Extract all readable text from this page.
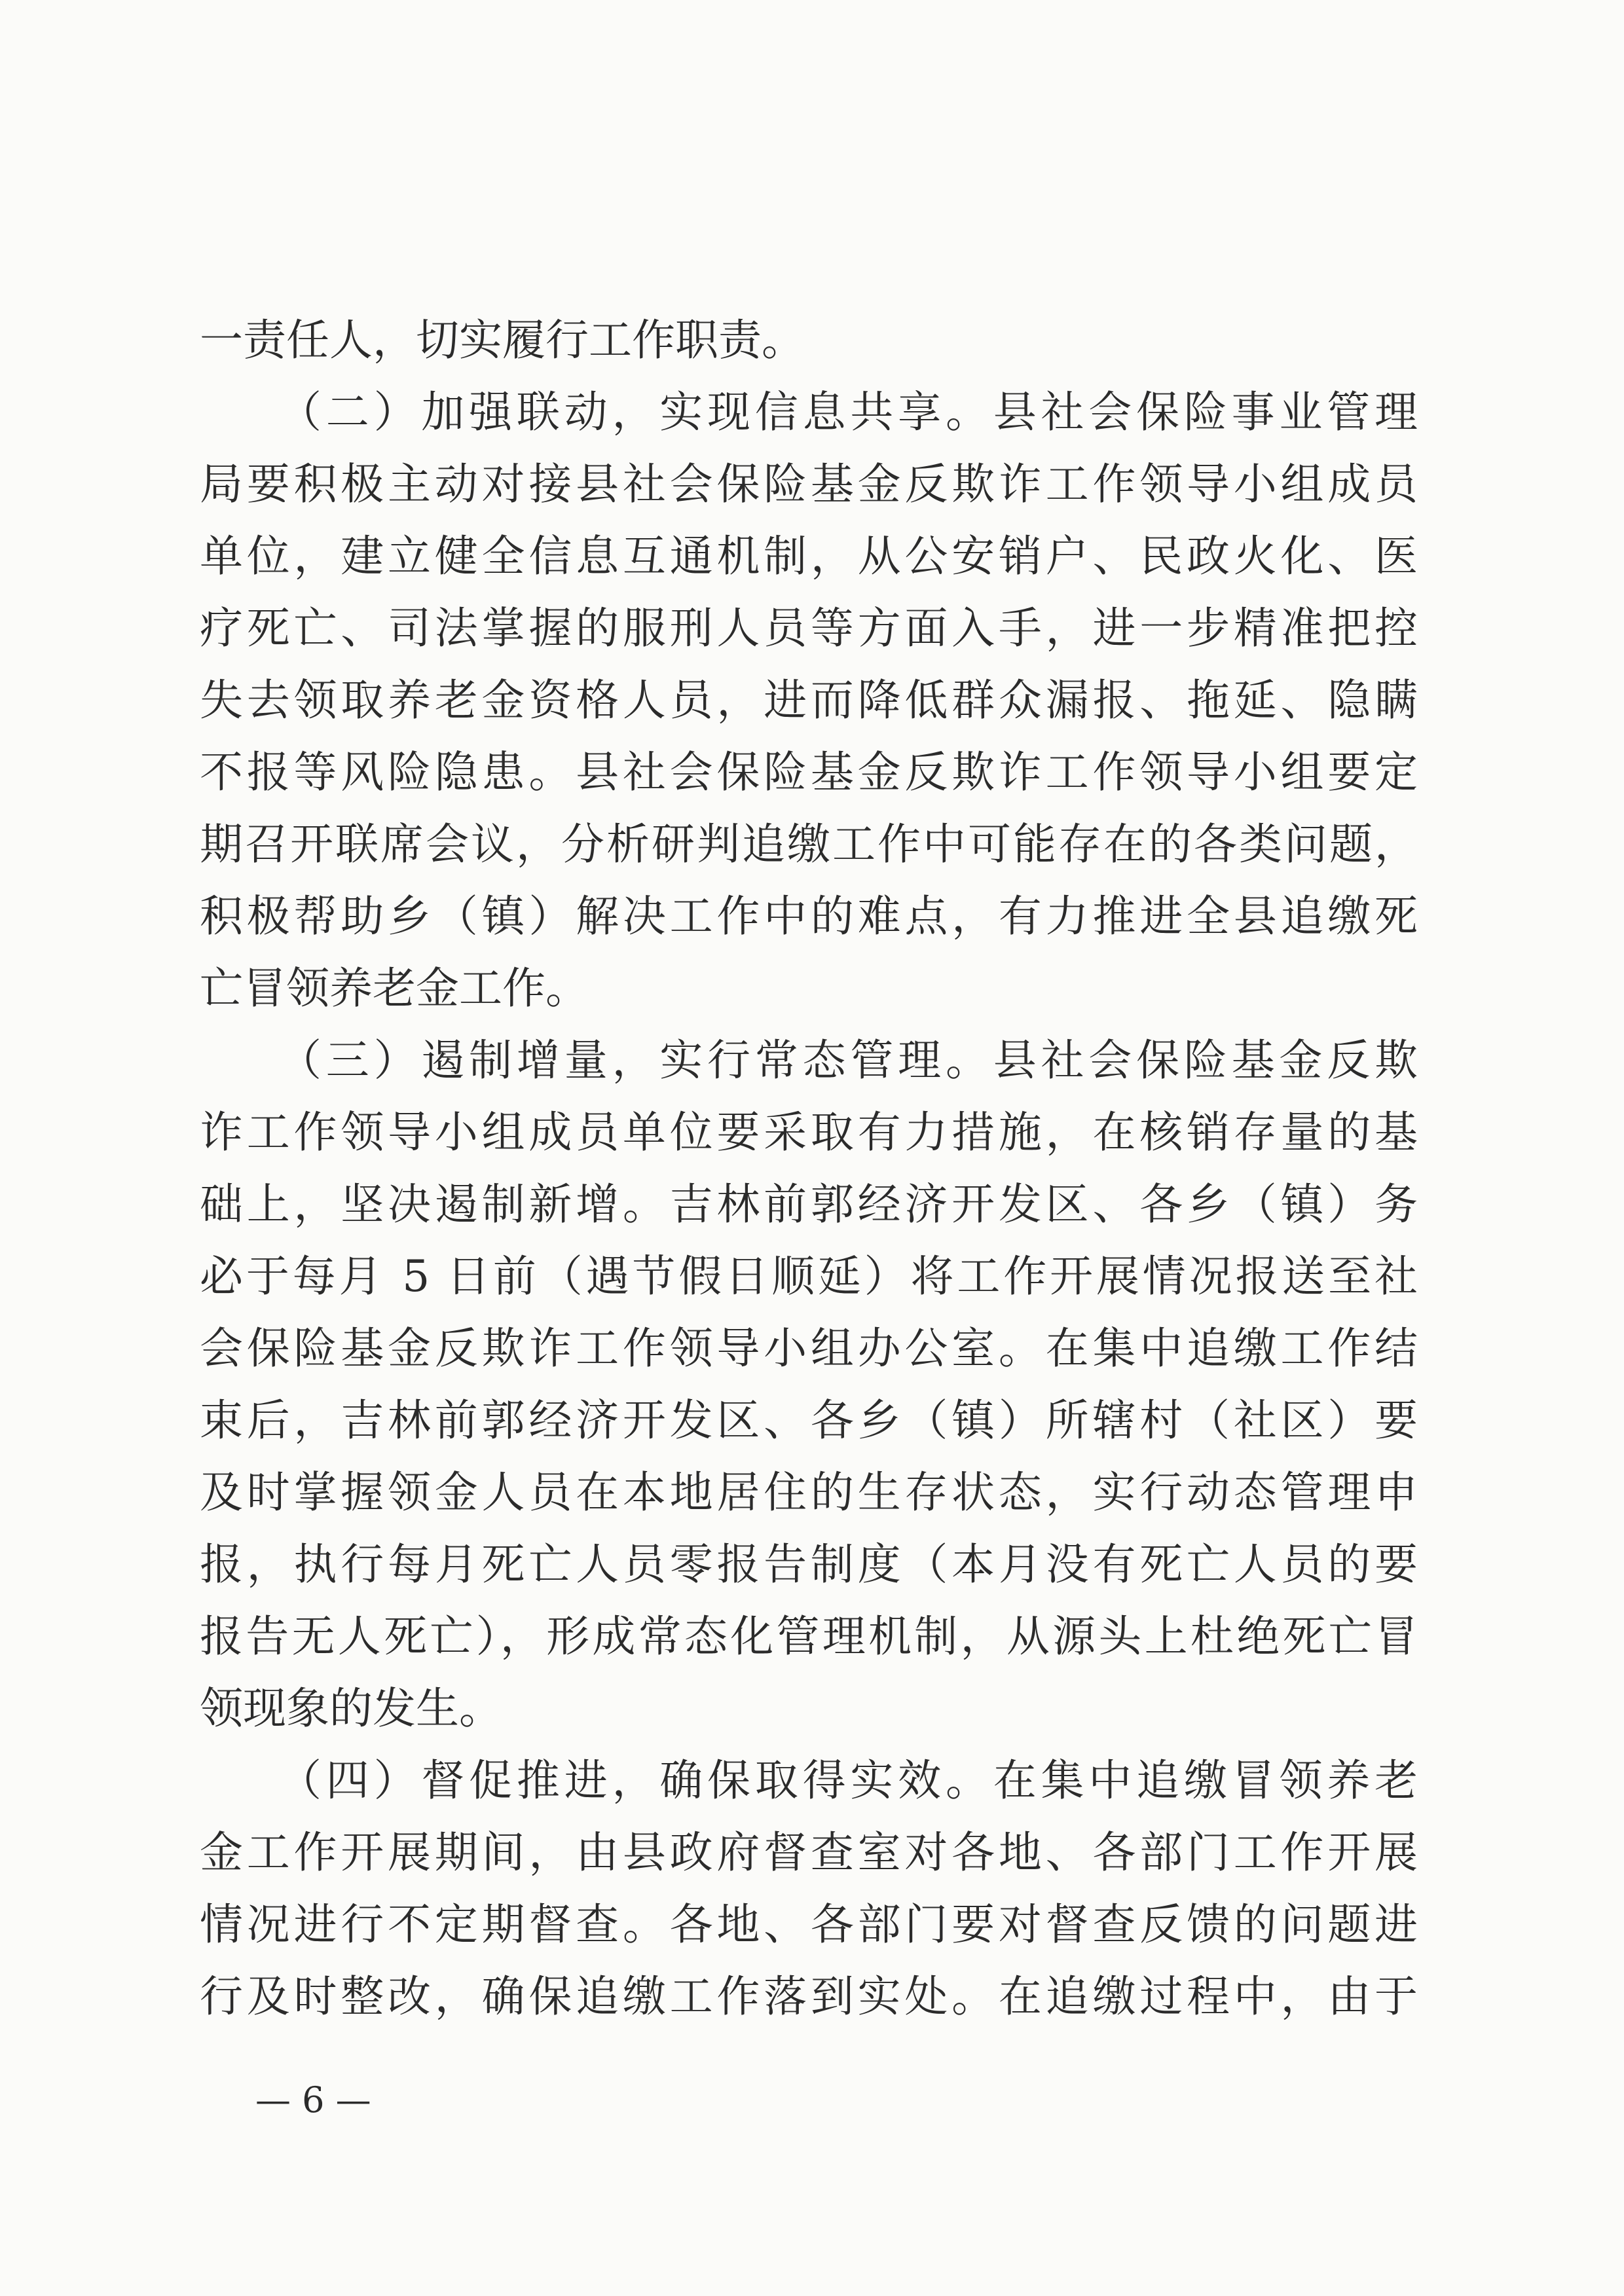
一责任人，切实履行工作职责。
（二）加强联动，实现信息共享。县社会保险事业管理
局要积极主动对接县社会保险基金反欺诈工作领导小组成员
单位，建立健全信息互通机制，从公安销户、民政火化、医
疗死亡、司法掌握的服刑人员等方面入手，进一步精准把控
失去领取养老金资格人员，进而降低群众漏报、拖延、隐瞒
不报等风险隐患。县社会保险基金反欺诈工作领导小组要定
期召开联席会议，分析研判追缴工作中可能存在的各类问题，
积极帮助乡（镇）解决工作中的难点，有力推进全县追缴死
亡冒领养老金工作。
（三）遏制增量，实行常态管理。县社会保险基金反欺
诈工作领导小组成员单位要采取有力措施，在核销存量的基
础上，坚决遏制新增。吉林前郭经济开发区、各乡（镇）务
必于每月 5 日前（遇节假日顺延）将工作开展情况报送至社
会保险基金反欺诈工作领导小组办公室。在集中追缴工作结
束后，吉林前郭经济开发区、各乡（镇）所辖村（社区）要
及时掌握领金人员在本地居住的生存状态，实行动态管理申
报，执行每月死亡人员零报告制度（本月没有死亡人员的要
报告无人死亡），形成常态化管理机制，从源头上杜绝死亡冒
领现象的发生。
（四）督促推进，确保取得实效。在集中追缴冒领养老
金工作开展期间，由县政府督查室对各地、各部门工作开展
情况进行不定期督查。各地、各部门要对督查反馈的问题进
行及时整改，确保追缴工作落到实处。在追缴过程中，由于
— 6 —
